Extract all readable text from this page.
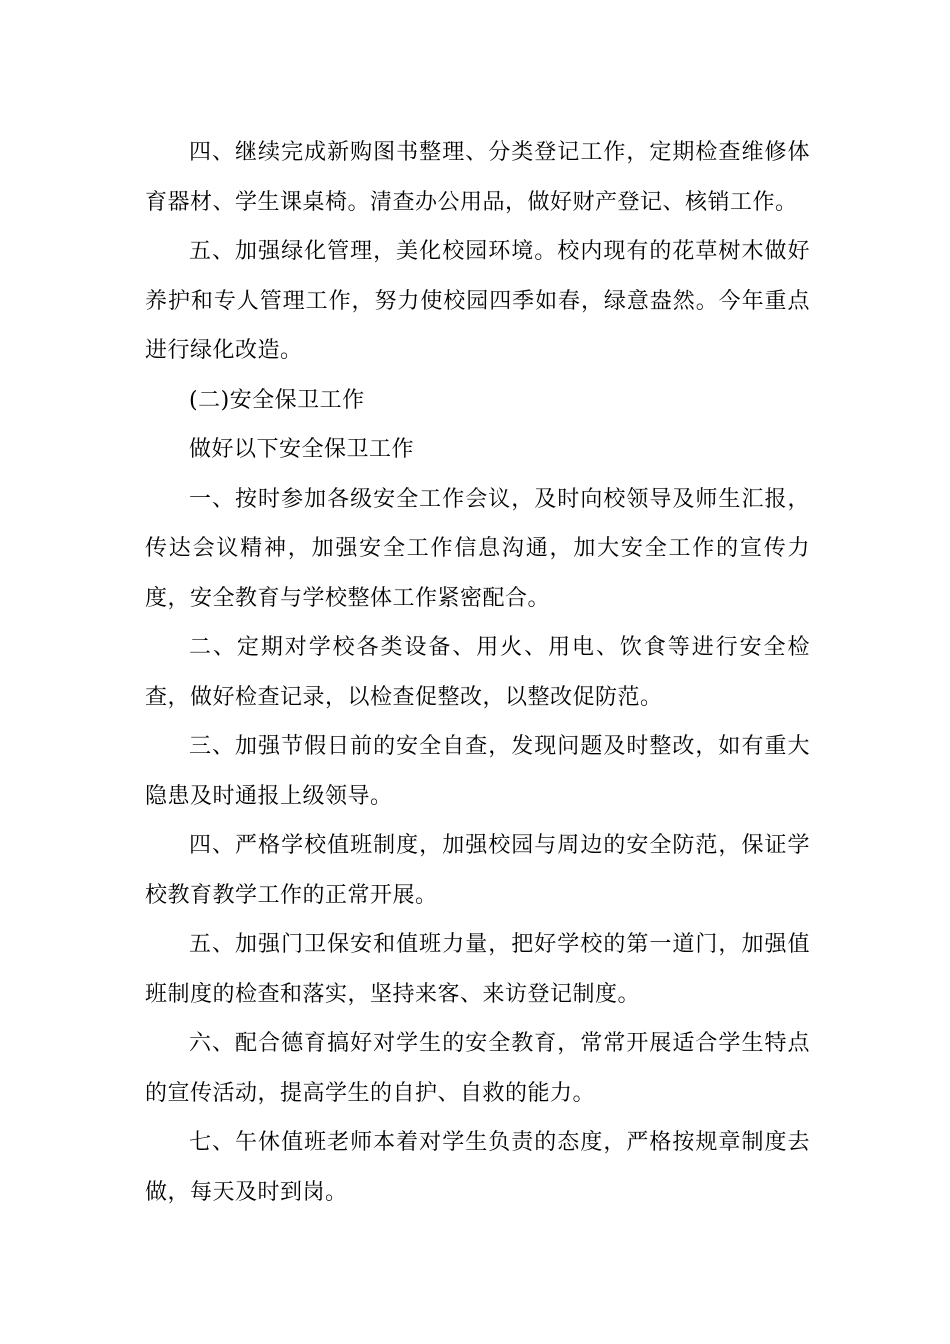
四、继续完成新购图书整理、分类登记工作，定期检查维修体育器材、学生课桌椅。清查办公用品，做好财产登记、核销工作。

五、加强绿化管理，美化校园环境。校内现有的花草树木做好养护和专人管理工作，努力使校园四季如春，绿意盎然。今年重点进行绿化改造。

(二)安全保卫工作

做好以下安全保卫工作

一、按时参加各级安全工作会议，及时向校领导及师生汇报，传达会议精神，加强安全工作信息沟通，加大安全工作的宣传力度，安全教育与学校整体工作紧密配合。

二、定期对学校各类设备、用火、用电、饮食等进行安全检查，做好检查记录，以检查促整改，以整改促防范。

三、加强节假日前的安全自查，发现问题及时整改，如有重大隐患及时通报上级领导。

四、严格学校值班制度，加强校园与周边的安全防范，保证学校教育教学工作的正常开展。

五、加强门卫保安和值班力量，把好学校的第一道门，加强值班制度的检查和落实，坚持来客、来访登记制度。

六、配合德育搞好对学生的安全教育，常常开展适合学生特点的宣传活动，提高学生的自护、自救的能力。

七、午休值班老师本着对学生负责的态度，严格按规章制度去做，每天及时到岗。
